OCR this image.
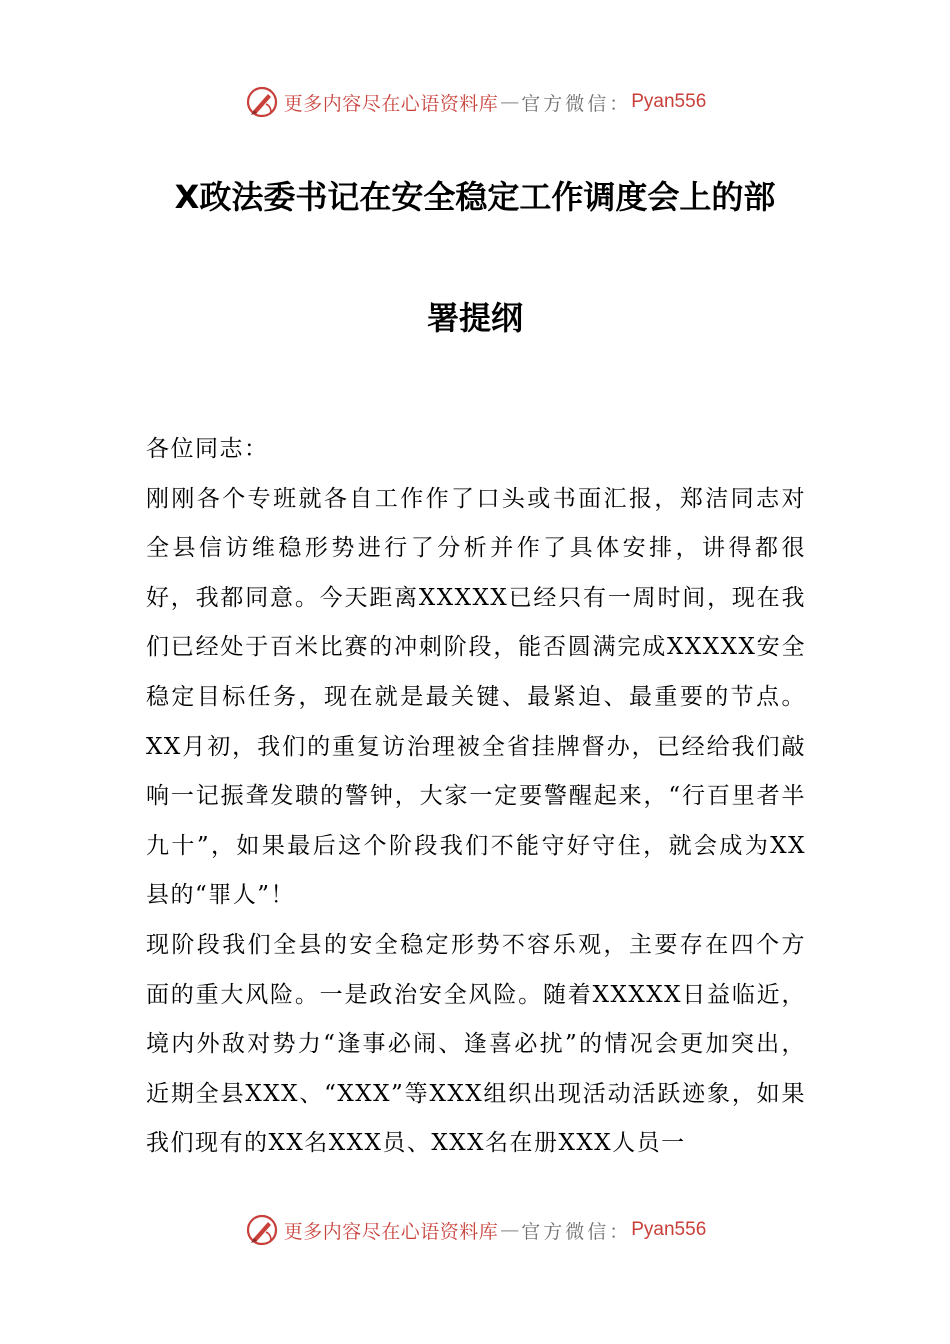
更多内容尽在心语资料库 — 官方微信： Pyan556
X政法委书记在安全稳定工作调度会上的部
署提纲

各位同志：

刚刚各个专班就各自工作作了口头或书面汇报，郑洁同志对全县信访维稳形势进行了分析并作了具体安排，讲得都很好，我都同意。今天距离XXXXX已经只有一周时间，现在我们已经处于百米比赛的冲刺阶段，能否圆满完成XXXXX安全稳定目标任务，现在就是最关键、最紧迫、最重要的节点。XX月初，我们的重复访治理被全省挂牌督办，已经给我们敲响一记振聋发聩的警钟，大家一定要警醒起来，“行百里者半九十”，如果最后这个阶段我们不能守好守住，就会成为XX县的“罪人”！

现阶段我们全县的安全稳定形势不容乐观，主要存在四个方面的重大风险。一是政治安全风险。随着XXXXX日益临近，境内外敌对势力“逢事必闹、逢喜必扰”的情况会更加突出，近期全县XXX、“XXX”等XXX组织出现活动活跃迹象，如果我们现有的XX名XXX员、XXX名在册XXX人员一

更多内容尽在心语资料库 — 官方微信： Pyan556
